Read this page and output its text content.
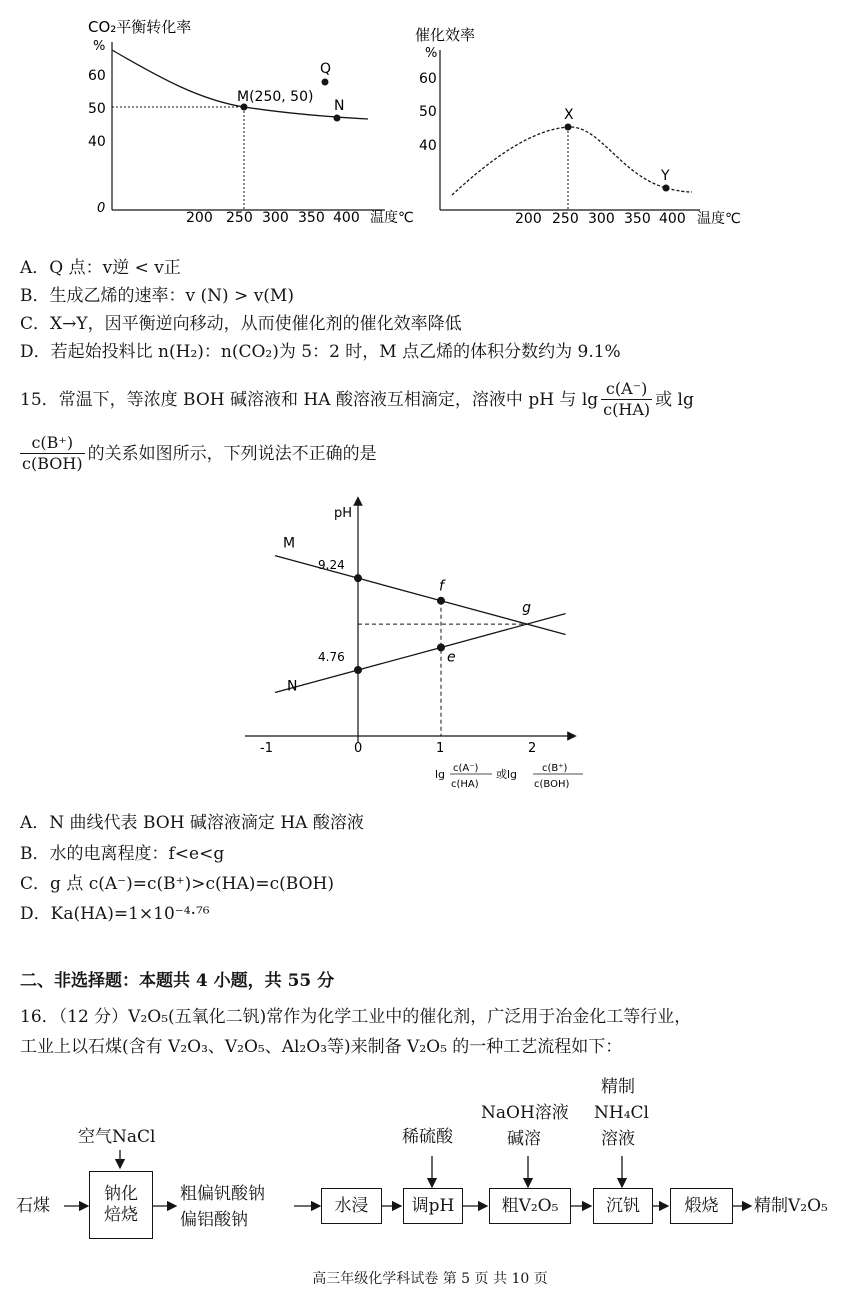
CO₂平衡转化率
%
60
50
40
0
M(250, 50)
N
Q
200 250 300 350 400 温度℃
催化效率
%
60
50
40
X
Y
200 250 300 350 400 温度℃
A．Q 点：v逆 < v正
B．生成乙烯的速率：v (N) > v(M)
C．X→Y，因平衡逆向移动，从而使催化剂的催化效率降低
D．若起始投料比 n(H₂)：n(CO₂)为 5：2 时，M 点乙烯的体积分数约为 9.1%
15．常温下，等浓度 BOH 碱溶液和 HA 酸溶液互相滴定，溶液中 pH 与 $\lg \frac{c(A^-)}{c(HA)}$ 或 lg
$\frac{c(B^+)}{\text{c(BOH)}}$ 的关系如图所示，下列说法不正确的是
pH
M
N
f
e
g
-1	0	1	2
9.24
4.76
lg c(A⁻)
c(HA)
或lg c(B⁺)
c(BOH)
A．N 曲线代表 BOH 碱溶液滴定 HA 酸溶液
B．水的电离程度：f<e<g
C．g 点 c(A⁻)=c(B⁺)>c(HA)=c(BOH)
D．Ka(HA)=1×10⁻⁴·⁷⁶
二、非选择题：本题共 4 小题，共 55 分
16．（12 分）V₂O₅(五氧化二钒)常作为化学工业中的催化剂，广泛用于冶金化工等行业，
工业上以石煤(含有 V₂O₃、V₂O₅、Al₂O₃等)来制备 V₂O₅ 的一种工艺流程如下：
石煤
空气NaCl
钠化焙烧
粗偏钒酸钠
偏铝酸钠
水浸
稀硫酸
调pH
NaOH溶液
碱溶
粗V₂O₅
精制
NH₄Cl
溶液
沉钒	煅烧	精制V₂O₅
高三年级化学科试卷 第 5 页 共 10 页
